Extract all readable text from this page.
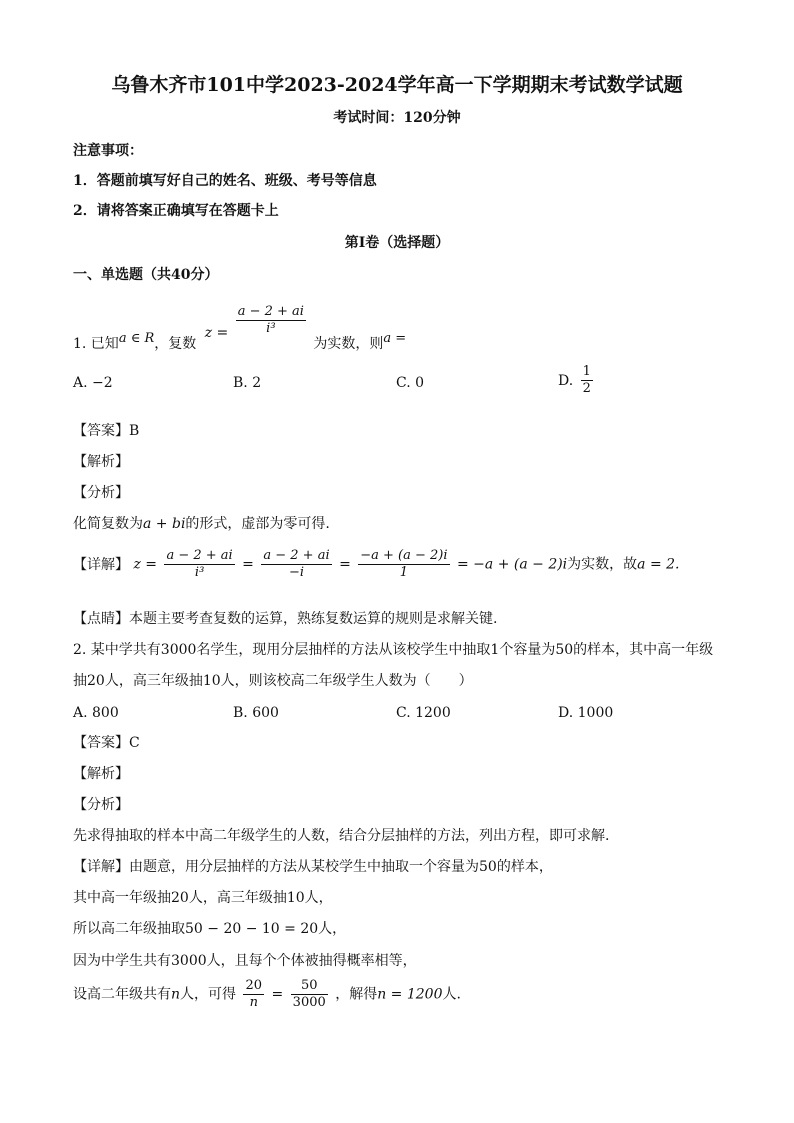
乌鲁木齐市101中学2023-2024学年高一下学期期末考试数学试题
考试时间：120分钟
注意事项：
1．答题前填写好自己的姓名、班级、考号等信息
2．请将答案正确填写在答题卡上
第Ⅰ卷（选择题）
一、单选题（共40分）
1. 已知a ∈ R，复数 $z = \frac{a - 2 + ai}{\text{i³}}$
为实数，则a =
A. −2	B. 2	C. 0	D. $\frac{1}{2}$
【答案】B
【解析】
【分析】
化简复数为a + bi的形式，虚部为零可得.
【详解】 $z = \frac{a - 2 + ai}{\text{i³}} = \frac{a - 2 + ai}{-i} = \frac{-a + (a - 2)i}{1} = -a + (a - 2)i$为实数，故a = 2.
【点睛】本题主要考查复数的运算，熟练复数运算的规则是求解关键.
2. 某中学共有3000名学生，现用分层抽样的方法从该校学生中抽取1个容量为50的样本，其中高一年级
抽20人，高三年级抽10人，则该校高二年级学生人数为（　　）
A. 800	B. 600	C. 1200	D. 1000
【答案】C
【解析】
【分析】
先求得抽取的样本中高二年级学生的人数，结合分层抽样的方法，列出方程，即可求解.
【详解】由题意，用分层抽样的方法从某校学生中抽取一个容量为50的样本，
其中高一年级抽20人，高三年级抽10人，
所以高二年级抽取50 − 20 − 10 = 20人，
因为中学生共有3000人，且每个个体被抽得概率相等，
设高二年级共有n人，可得 $\frac{20}{n} = \frac{50}{3000}$ ，解得n = 1200人.
